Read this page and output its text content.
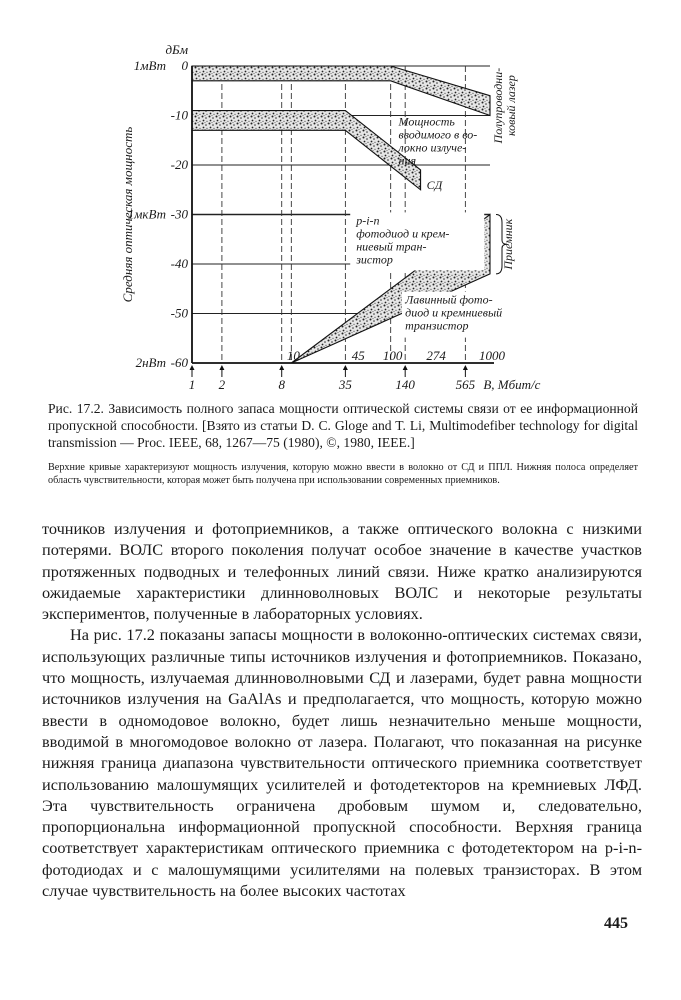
0
1мВт
-10
-20
-30
1мкВт
-40
-50
-60
2нВт
дБм
Средняя оптическая мощность
1 2	8	35	140	565 В, Мбит/с
10	45 100 274	1000
Полупроводни-ковый лазер
Мощность вводимого в во-локно излуче-ния
СД
Приемник
p-i-n фотодиод и крем-ниевый тран-зистор
Лавинный фото-диод и кремниевый транзистор
Рис. 17.2. Зависимость полного запаса мощности оптической системы связи от ее информационной пропускной способности. [Взято из статьи D. C. Gloge and T. Li, Multimodefiber technology for digital transmission — Proc. IEEE, 68, 1267—75 (1980), ©, 1980, IEEE.]
Верхние кривые характеризуют мощность излучения, которую можно ввести в волокно от СД и ППЛ. Нижняя полоса определяет область чувствительности, которая может быть получена при использовании современных приемников.

точников излучения и фотоприемников, а также оптического волокна с низкими потерями. ВОЛС второго поколения получат особое значение в качестве участков протяженных подводных и телефонных линий связи. Ниже кратко анализируются ожидаемые характеристики длинноволновых ВОЛС и некоторые результаты экспериментов, полученные в лабораторных условиях.

На рис. 17.2 показаны запасы мощности в волоконно-оптических системах связи, использующих различные типы источников излучения и фотоприемников. Показано, что мощность, излучаемая длинноволновыми СД и лазерами, будет равна мощности источников излучения на GaAlAs и предполагается, что мощность, которую можно ввести в одномодовое волокно, будет лишь незначительно меньше мощности, вводимой в многомодовое волокно от лазера. Полагают, что показанная на рисунке нижняя граница диапазона чувствительности оптического приемника соответствует использованию малошумящих усилителей и фотодетекторов на кремниевых ЛФД. Эта чувствительность ограничена дробовым шумом и, следовательно, пропорциональна информационной пропускной способности. Верхняя граница соответствует характеристикам оптического приемника с фотодетектором на p-i-n-фотодиодах и с малошумящими усилителями на полевых транзисторах. В этом случае чувствительность на более высоких частотах

445
